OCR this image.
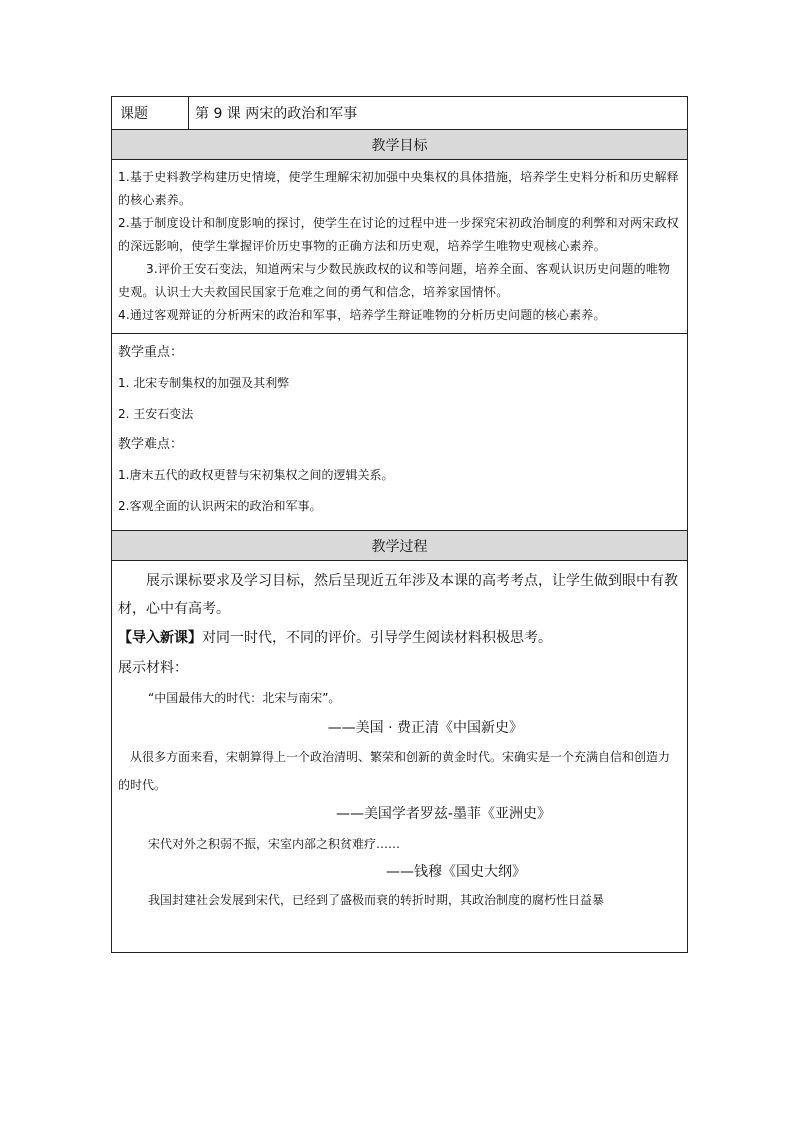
课题	第 9 课 两宋的政治和军事
教学目标

1.基于史料教学构建历史情境，使学生理解宋初加强中央集权的具体措施，培养学生史料分析和历史解释的核心素养。

2.基于制度设计和制度影响的探讨，使学生在讨论的过程中进一步探究宋初政治制度的利弊和对两宋政权的深远影响，使学生掌握评价历史事物的正确方法和历史观，培养学生唯物史观核心素养。

3.评价王安石变法，知道两宋与少数民族政权的议和等问题，培养全面、客观认识历史问题的唯物史观。认识士大夫救国民国家于危难之间的勇气和信念，培养家国情怀。

4.通过客观辩证的分析两宋的政治和军事，培养学生辩证唯物的分析历史问题的核心素养。

教学重点：
1. 北宋专制集权的加强及其利弊
2. 王安石变法
教学难点：
1.唐末五代的政权更替与宋初集权之间的逻辑关系。
2.客观全面的认识两宋的政治和军事。
教学过程

展示课标要求及学习目标，然后呈现近五年涉及本课的高考考点，让学生做到眼中有教材，心中有高考。

【导入新课】对同一时代，不同的评价。引导学生阅读材料积极思考。

展示材料：

“中国最伟大的时代：北宋与南宋”。

——美国 · 费正清《中国新史》

从很多方面来看，宋朝算得上一个政治清明、繁荣和创新的黄金时代。宋确实是一个充满自信和创造力的时代。

——美国学者罗兹-墨菲《亚洲史》

宋代对外之积弱不振，宋室内部之积贫难疗……

——钱穆《国史大纲》

我国封建社会发展到宋代，已经到了盛极而衰的转折时期，其政治制度的腐朽性日益暴
